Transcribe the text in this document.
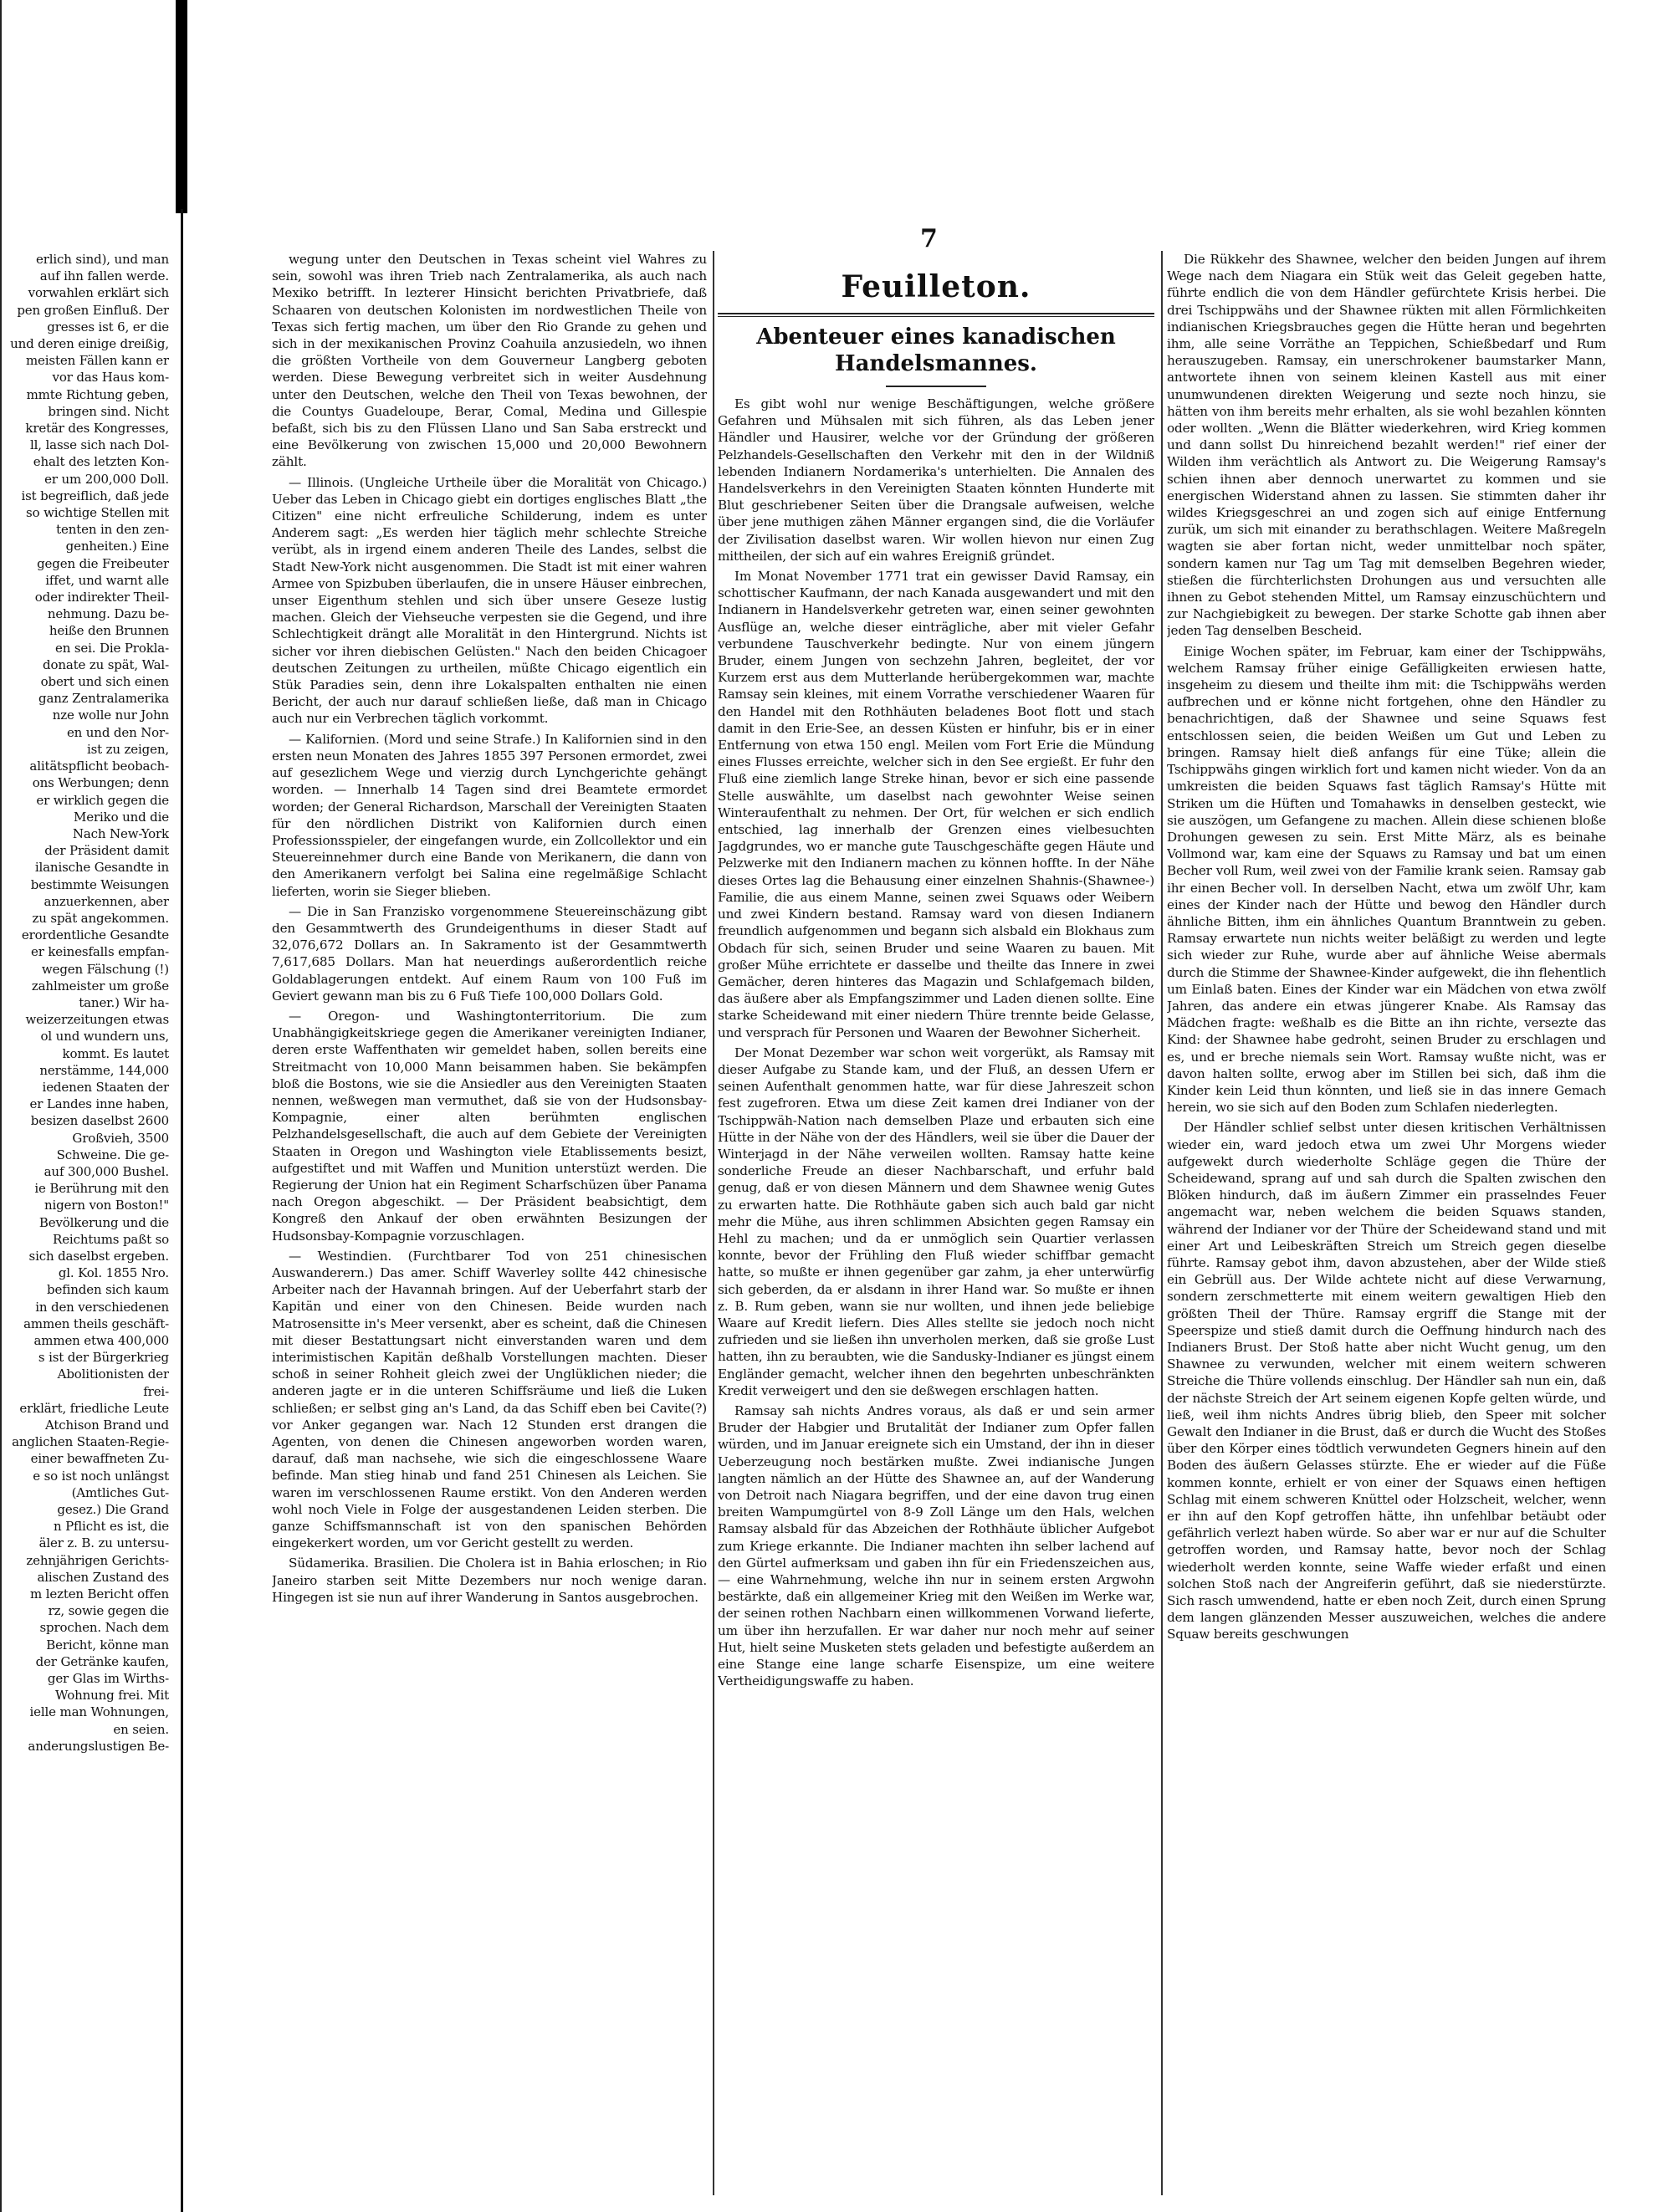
7

erlich sind), und man

auf ihn fallen werde.

vorwahlen erklärt sich

pen großen Einfluß. Der

gresses ist 6, er die

und deren einige dreißig,

meisten Fällen kann er

vor das Haus kom-

mmte Richtung geben,

bringen sind. Nicht

kretär des Kongresses,

ll, lasse sich nach Dol-

ehalt des letzten Kon-

er um 200,000 Doll.

ist begreiflich, daß jede

so wichtige Stellen mit

tenten in den zen-

genheiten.) Eine

gegen die Freibeuter

iffet, und warnt alle

oder indirekter Theil-

nehmung. Dazu be-

heiße den Brunnen

en sei. Die Prokla-

donate zu spät, Wal-

obert und sich einen

ganz Zentralamerika

nze wolle nur John

en und den Nor-

ist zu zeigen,

alitätspflicht beobach-

ons Werbungen; denn

er wirklich gegen die

Meriko und die

Nach New-York

der Präsident damit

ilanische Gesandte in

bestimmte Weisungen

anzuerkennen, aber

zu spät angekommen.

erordentliche Gesandte

er keinesfalls empfan-

wegen Fälschung (!)

zahlmeister um große

taner.) Wir ha-

weizerzeitungen etwas

ol und wundern uns,

kommt. Es lautet

nerstämme, 144,000

iedenen Staaten der

er Landes inne haben,

besizen daselbst 2600

Großvieh, 3500

Schweine. Die ge-

auf 300,000 Bushel.

ie Berührung mit den

nigern von Boston!"

Bevölkerung und die

Reichtums paßt so

sich daselbst ergeben.

gl. Kol. 1855 Nro.

befinden sich kaum

in den verschiedenen

ammen theils geschäft-

ammen etwa 400,000

s ist der Bürgerkrieg

Abolitionisten der

frei-

erklärt, friedliche Leute

Atchison Brand und

anglichen Staaten-Regie-

einer bewaffneten Zu-

e so ist noch unlängst

(Amtliches Gut-

gesez.) Die Grand

n Pflicht es ist, die

äler z. B. zu untersu-

zehnjährigen Gerichts-

alischen Zustand des

m lezten Bericht offen

rz, sowie gegen die

sprochen. Nach dem

Bericht, könne man

der Getränke kaufen,

ger Glas im Wirths-

Wohnung frei. Mit

ielle man Wohnungen,

en seien.

anderungslustigen Be-

wegung unter den Deutschen in Texas scheint viel Wahres zu sein, sowohl was ihren Trieb nach Zentralamerika, als auch nach Mexiko betrifft. In lezterer Hinsicht berichten Privatbriefe, daß Schaaren von deutschen Kolonisten im nordwestlichen Theile von Texas sich fertig machen, um über den Rio Grande zu gehen und sich in der mexikanischen Provinz Coahuila anzusiedeln, wo ihnen die größten Vortheile von dem Gouverneur Langberg geboten werden. Diese Bewegung verbreitet sich in weiter Ausdehnung unter den Deutschen, welche den Theil von Texas bewohnen, der die Countys Guadeloupe, Berar, Comal, Medina und Gillespie befaßt, sich bis zu den Flüssen Llano und San Saba erstreckt und eine Bevölkerung von zwischen 15,000 und 20,000 Bewohnern zählt.

— Illinois. (Ungleiche Urtheile über die Moralität von Chicago.) Ueber das Leben in Chicago giebt ein dortiges englisches Blatt „the Citizen" eine nicht erfreuliche Schilderung, indem es unter Anderem sagt: „Es werden hier täglich mehr schlechte Streiche verübt, als in irgend einem anderen Theile des Landes, selbst die Stadt New-York nicht ausgenommen. Die Stadt ist mit einer wahren Armee von Spizbuben überlaufen, die in unsere Häuser einbrechen, unser Eigenthum stehlen und sich über unsere Geseze lustig machen. Gleich der Viehseuche verpesten sie die Gegend, und ihre Schlechtigkeit drängt alle Moralität in den Hintergrund. Nichts ist sicher vor ihren diebischen Gelüsten." Nach den beiden Chicagoer deutschen Zeitungen zu urtheilen, müßte Chicago eigentlich ein Stük Paradies sein, denn ihre Lokalspalten enthalten nie einen Bericht, der auch nur darauf schließen ließe, daß man in Chicago auch nur ein Verbrechen täglich vorkommt.

— Kalifornien. (Mord und seine Strafe.) In Kalifornien sind in den ersten neun Monaten des Jahres 1855 397 Personen ermordet, zwei auf gesezlichem Wege und vierzig durch Lynchgerichte gehängt worden. — Innerhalb 14 Tagen sind drei Beamtete ermordet worden; der General Richardson, Marschall der Vereinigten Staaten für den nördlichen Distrikt von Kalifornien durch einen Professionsspieler, der eingefangen wurde, ein Zollcollektor und ein Steuereinnehmer durch eine Bande von Merikanern, die dann von den Amerikanern verfolgt bei Salina eine regelmäßige Schlacht lieferten, worin sie Sieger blieben.

— Die in San Franzisko vorgenommene Steuereinschäzung gibt den Gesammtwerth des Grundeigenthums in dieser Stadt auf 32,076,672 Dollars an. In Sakramento ist der Gesammtwerth 7,617,685 Dollars. Man hat neuerdings außerordentlich reiche Goldablagerungen entdekt. Auf einem Raum von 100 Fuß im Geviert gewann man bis zu 6 Fuß Tiefe 100,000 Dollars Gold.

— Oregon- und Washingtonterritorium. Die zum Unabhängigkeitskriege gegen die Amerikaner vereinigten Indianer, deren erste Waffenthaten wir gemeldet haben, sollen bereits eine Streitmacht von 10,000 Mann beisammen haben. Sie bekämpfen bloß die Bostons, wie sie die Ansiedler aus den Vereinigten Staaten nennen, weßwegen man vermuthet, daß sie von der Hudsonsbay-Kompagnie, einer alten berühmten englischen Pelzhandelsgesellschaft, die auch auf dem Gebiete der Vereinigten Staaten in Oregon und Washington viele Etablissements besizt, aufgestiftet und mit Waffen und Munition unterstüzt werden. Die Regierung der Union hat ein Regiment Scharfschüzen über Panama nach Oregon abgeschikt. — Der Präsident beabsichtigt, dem Kongreß den Ankauf der oben erwähnten Besizungen der Hudsonsbay-Kompagnie vorzuschlagen.

— Westindien. (Furchtbarer Tod von 251 chinesischen Auswanderern.) Das amer. Schiff Waverley sollte 442 chinesische Arbeiter nach der Havannah bringen. Auf der Ueberfahrt starb der Kapitän und einer von den Chinesen. Beide wurden nach Matrosensitte in's Meer versenkt, aber es scheint, daß die Chinesen mit dieser Bestattungsart nicht einverstanden waren und dem interimistischen Kapitän deßhalb Vorstellungen machten. Dieser schoß in seiner Rohheit gleich zwei der Unglüklichen nieder; die anderen jagte er in die unteren Schiffsräume und ließ die Luken schließen; er selbst ging an's Land, da das Schiff eben bei Cavite(?) vor Anker gegangen war. Nach 12 Stunden erst drangen die Agenten, von denen die Chinesen angeworben worden waren, darauf, daß man nachsehe, wie sich die eingeschlossene Waare befinde. Man stieg hinab und fand 251 Chinesen als Leichen. Sie waren im verschlossenen Raume erstikt. Von den Anderen werden wohl noch Viele in Folge der ausgestandenen Leiden sterben. Die ganze Schiffsmannschaft ist von den spanischen Behörden eingekerkert worden, um vor Gericht gestellt zu werden.

Südamerika. Brasilien. Die Cholera ist in Bahia erloschen; in Rio Janeiro starben seit Mitte Dezembers nur noch wenige daran. Hingegen ist sie nun auf ihrer Wanderung in Santos ausgebrochen.

Feuilleton.
Abenteuer eines kanadischen Handelsmannes.

Es gibt wohl nur wenige Beschäftigungen, welche größere Gefahren und Mühsalen mit sich führen, als das Leben jener Händler und Hausirer, welche vor der Gründung der größeren Pelzhandels-Gesellschaften den Verkehr mit den in der Wildniß lebenden Indianern Nordamerika's unterhielten. Die Annalen des Handelsverkehrs in den Vereinigten Staaten könnten Hunderte mit Blut geschriebener Seiten über die Drangsale aufweisen, welche über jene muthigen zähen Männer ergangen sind, die die Vorläufer der Zivilisation daselbst waren. Wir wollen hievon nur einen Zug mittheilen, der sich auf ein wahres Ereigniß gründet.

Im Monat November 1771 trat ein gewisser David Ramsay, ein schottischer Kaufmann, der nach Kanada ausgewandert und mit den Indianern in Handelsverkehr getreten war, einen seiner gewohnten Ausflüge an, welche dieser einträgliche, aber mit vieler Gefahr verbundene Tauschverkehr bedingte. Nur von einem jüngern Bruder, einem Jungen von sechzehn Jahren, begleitet, der vor Kurzem erst aus dem Mutterlande herübergekommen war, machte Ramsay sein kleines, mit einem Vorrathe verschiedener Waaren für den Handel mit den Rothhäuten beladenes Boot flott und stach damit in den Erie-See, an dessen Küsten er hinfuhr, bis er in einer Entfernung von etwa 150 engl. Meilen vom Fort Erie die Mündung eines Flusses erreichte, welcher sich in den See ergießt. Er fuhr den Fluß eine ziemlich lange Streke hinan, bevor er sich eine passende Stelle auswählte, um daselbst nach gewohnter Weise seinen Winteraufenthalt zu nehmen. Der Ort, für welchen er sich endlich entschied, lag innerhalb der Grenzen eines vielbesuchten Jagdgrundes, wo er manche gute Tauschgeschäfte gegen Häute und Pelzwerke mit den Indianern machen zu können hoffte. In der Nähe dieses Ortes lag die Behausung einer einzelnen Shahnis-(Shawnee-) Familie, die aus einem Manne, seinen zwei Squaws oder Weibern und zwei Kindern bestand. Ramsay ward von diesen Indianern freundlich aufgenommen und begann sich alsbald ein Blokhaus zum Obdach für sich, seinen Bruder und seine Waaren zu bauen. Mit großer Mühe errichtete er dasselbe und theilte das Innere in zwei Gemächer, deren hinteres das Magazin und Schlafgemach bilden, das äußere aber als Empfangszimmer und Laden dienen sollte. Eine starke Scheidewand mit einer niedern Thüre trennte beide Gelasse, und versprach für Personen und Waaren der Bewohner Sicherheit.

Der Monat Dezember war schon weit vorgerükt, als Ramsay mit dieser Aufgabe zu Stande kam, und der Fluß, an dessen Ufern er seinen Aufenthalt genommen hatte, war für diese Jahreszeit schon fest zugefroren. Etwa um diese Zeit kamen drei Indianer von der Tschippwäh-Nation nach demselben Plaze und erbauten sich eine Hütte in der Nähe von der des Händlers, weil sie über die Dauer der Winterjagd in der Nähe verweilen wollten. Ramsay hatte keine sonderliche Freude an dieser Nachbarschaft, und erfuhr bald genug, daß er von diesen Männern und dem Shawnee wenig Gutes zu erwarten hatte. Die Rothhäute gaben sich auch bald gar nicht mehr die Mühe, aus ihren schlimmen Absichten gegen Ramsay ein Hehl zu machen; und da er unmöglich sein Quartier verlassen konnte, bevor der Frühling den Fluß wieder schiffbar gemacht hatte, so mußte er ihnen gegenüber gar zahm, ja eher unterwürfig sich geberden, da er alsdann in ihrer Hand war. So mußte er ihnen z. B. Rum geben, wann sie nur wollten, und ihnen jede beliebige Waare auf Kredit liefern. Dies Alles stellte sie jedoch noch nicht zufrieden und sie ließen ihn unverholen merken, daß sie große Lust hatten, ihn zu beraubten, wie die Sandusky-Indianer es jüngst einem Engländer gemacht, welcher ihnen den begehrten unbeschränkten Kredit verweigert und den sie deßwegen erschlagen hatten.

Ramsay sah nichts Andres voraus, als daß er und sein armer Bruder der Habgier und Brutalität der Indianer zum Opfer fallen würden, und im Januar ereignete sich ein Umstand, der ihn in dieser Ueberzeugung noch bestärken mußte. Zwei indianische Jungen langten nämlich an der Hütte des Shawnee an, auf der Wanderung von Detroit nach Niagara begriffen, und der eine davon trug einen breiten Wampumgürtel von 8-9 Zoll Länge um den Hals, welchen Ramsay alsbald für das Abzeichen der Rothhäute üblicher Aufgebot zum Kriege erkannte. Die Indianer machten ihn selber lachend auf den Gürtel aufmerksam und gaben ihn für ein Friedenszeichen aus, — eine Wahrnehmung, welche ihn nur in seinem ersten Argwohn bestärkte, daß ein allgemeiner Krieg mit den Weißen im Werke war, der seinen rothen Nachbarn einen willkommenen Vorwand lieferte, um über ihn herzufallen. Er war daher nur noch mehr auf seiner Hut, hielt seine Musketen stets geladen und befestigte außerdem an eine Stange eine lange scharfe Eisenspize, um eine weitere Vertheidigungswaffe zu haben.

Die Rükkehr des Shawnee, welcher den beiden Jungen auf ihrem Wege nach dem Niagara ein Stük weit das Geleit gegeben hatte, führte endlich die von dem Händler gefürchtete Krisis herbei. Die drei Tschippwähs und der Shawnee rükten mit allen Förmlichkeiten indianischen Kriegsbrauches gegen die Hütte heran und begehrten ihm, alle seine Vorräthe an Teppichen, Schießbedarf und Rum herauszugeben. Ramsay, ein unerschrokener baumstarker Mann, antwortete ihnen von seinem kleinen Kastell aus mit einer unumwundenen direkten Weigerung und sezte noch hinzu, sie hätten von ihm bereits mehr erhalten, als sie wohl bezahlen könnten oder wollten. „Wenn die Blätter wiederkehren, wird Krieg kommen und dann sollst Du hinreichend bezahlt werden!" rief einer der Wilden ihm verächtlich als Antwort zu. Die Weigerung Ramsay's schien ihnen aber dennoch unerwartet zu kommen und sie energischen Widerstand ahnen zu lassen. Sie stimmten daher ihr wildes Kriegsgeschrei an und zogen sich auf einige Entfernung zurük, um sich mit einander zu berathschlagen. Weitere Maßregeln wagten sie aber fortan nicht, weder unmittelbar noch später, sondern kamen nur Tag um Tag mit demselben Begehren wieder, stießen die fürchterlichsten Drohungen aus und versuchten alle ihnen zu Gebot stehenden Mittel, um Ramsay einzuschüchtern und zur Nachgiebigkeit zu bewegen. Der starke Schotte gab ihnen aber jeden Tag denselben Bescheid.

Einige Wochen später, im Februar, kam einer der Tschippwähs, welchem Ramsay früher einige Gefälligkeiten erwiesen hatte, insgeheim zu diesem und theilte ihm mit: die Tschippwähs werden aufbrechen und er könne nicht fortgehen, ohne den Händler zu benachrichtigen, daß der Shawnee und seine Squaws fest entschlossen seien, die beiden Weißen um Gut und Leben zu bringen. Ramsay hielt dieß anfangs für eine Tüke; allein die Tschippwähs gingen wirklich fort und kamen nicht wieder. Von da an umkreisten die beiden Squaws fast täglich Ramsay's Hütte mit Striken um die Hüften und Tomahawks in denselben gesteckt, wie sie auszögen, um Gefangene zu machen. Allein diese schienen bloße Drohungen gewesen zu sein. Erst Mitte März, als es beinahe Vollmond war, kam eine der Squaws zu Ramsay und bat um einen Becher voll Rum, weil zwei von der Familie krank seien. Ramsay gab ihr einen Becher voll. In derselben Nacht, etwa um zwölf Uhr, kam eines der Kinder nach der Hütte und bewog den Händler durch ähnliche Bitten, ihm ein ähnliches Quantum Branntwein zu geben. Ramsay erwartete nun nichts weiter beläßigt zu werden und legte sich wieder zur Ruhe, wurde aber auf ähnliche Weise abermals durch die Stimme der Shawnee-Kinder aufgewekt, die ihn flehentlich um Einlaß baten. Eines der Kinder war ein Mädchen von etwa zwölf Jahren, das andere ein etwas jüngerer Knabe. Als Ramsay das Mädchen fragte: weßhalb es die Bitte an ihn richte, versezte das Kind: der Shawnee habe gedroht, seinen Bruder zu erschlagen und es, und er breche niemals sein Wort. Ramsay wußte nicht, was er davon halten sollte, erwog aber im Stillen bei sich, daß ihm die Kinder kein Leid thun könnten, und ließ sie in das innere Gemach herein, wo sie sich auf den Boden zum Schlafen niederlegten.

Der Händler schlief selbst unter diesen kritischen Verhältnissen wieder ein, ward jedoch etwa um zwei Uhr Morgens wieder aufgewekt durch wiederholte Schläge gegen die Thüre der Scheidewand, sprang auf und sah durch die Spalten zwischen den Blöken hindurch, daß im äußern Zimmer ein prasselndes Feuer angemacht war, neben welchem die beiden Squaws standen, während der Indianer vor der Thüre der Scheidewand stand und mit einer Art und Leibeskräften Streich um Streich gegen dieselbe führte. Ramsay gebot ihm, davon abzustehen, aber der Wilde stieß ein Gebrüll aus. Der Wilde achtete nicht auf diese Verwarnung, sondern zerschmetterte mit einem weitern gewaltigen Hieb den größten Theil der Thüre. Ramsay ergriff die Stange mit der Speerspize und stieß damit durch die Oeffnung hindurch nach des Indianers Brust. Der Stoß hatte aber nicht Wucht genug, um den Shawnee zu verwunden, welcher mit einem weitern schweren Streiche die Thüre vollends einschlug. Der Händler sah nun ein, daß der nächste Streich der Art seinem eigenen Kopfe gelten würde, und ließ, weil ihm nichts Andres übrig blieb, den Speer mit solcher Gewalt den Indianer in die Brust, daß er durch die Wucht des Stoßes über den Körper eines tödtlich verwundeten Gegners hinein auf den Boden des äußern Gelasses stürzte. Ehe er wieder auf die Füße kommen konnte, erhielt er von einer der Squaws einen heftigen Schlag mit einem schweren Knüttel oder Holzscheit, welcher, wenn er ihn auf den Kopf getroffen hätte, ihn unfehlbar betäubt oder gefährlich verlezt haben würde. So aber war er nur auf die Schulter getroffen worden, und Ramsay hatte, bevor noch der Schlag wiederholt werden konnte, seine Waffe wieder erfaßt und einen solchen Stoß nach der Angreiferin geführt, daß sie niederstürzte. Sich rasch umwendend, hatte er eben noch Zeit, durch einen Sprung dem langen glänzenden Messer auszuweichen, welches die andere Squaw bereits geschwungen
